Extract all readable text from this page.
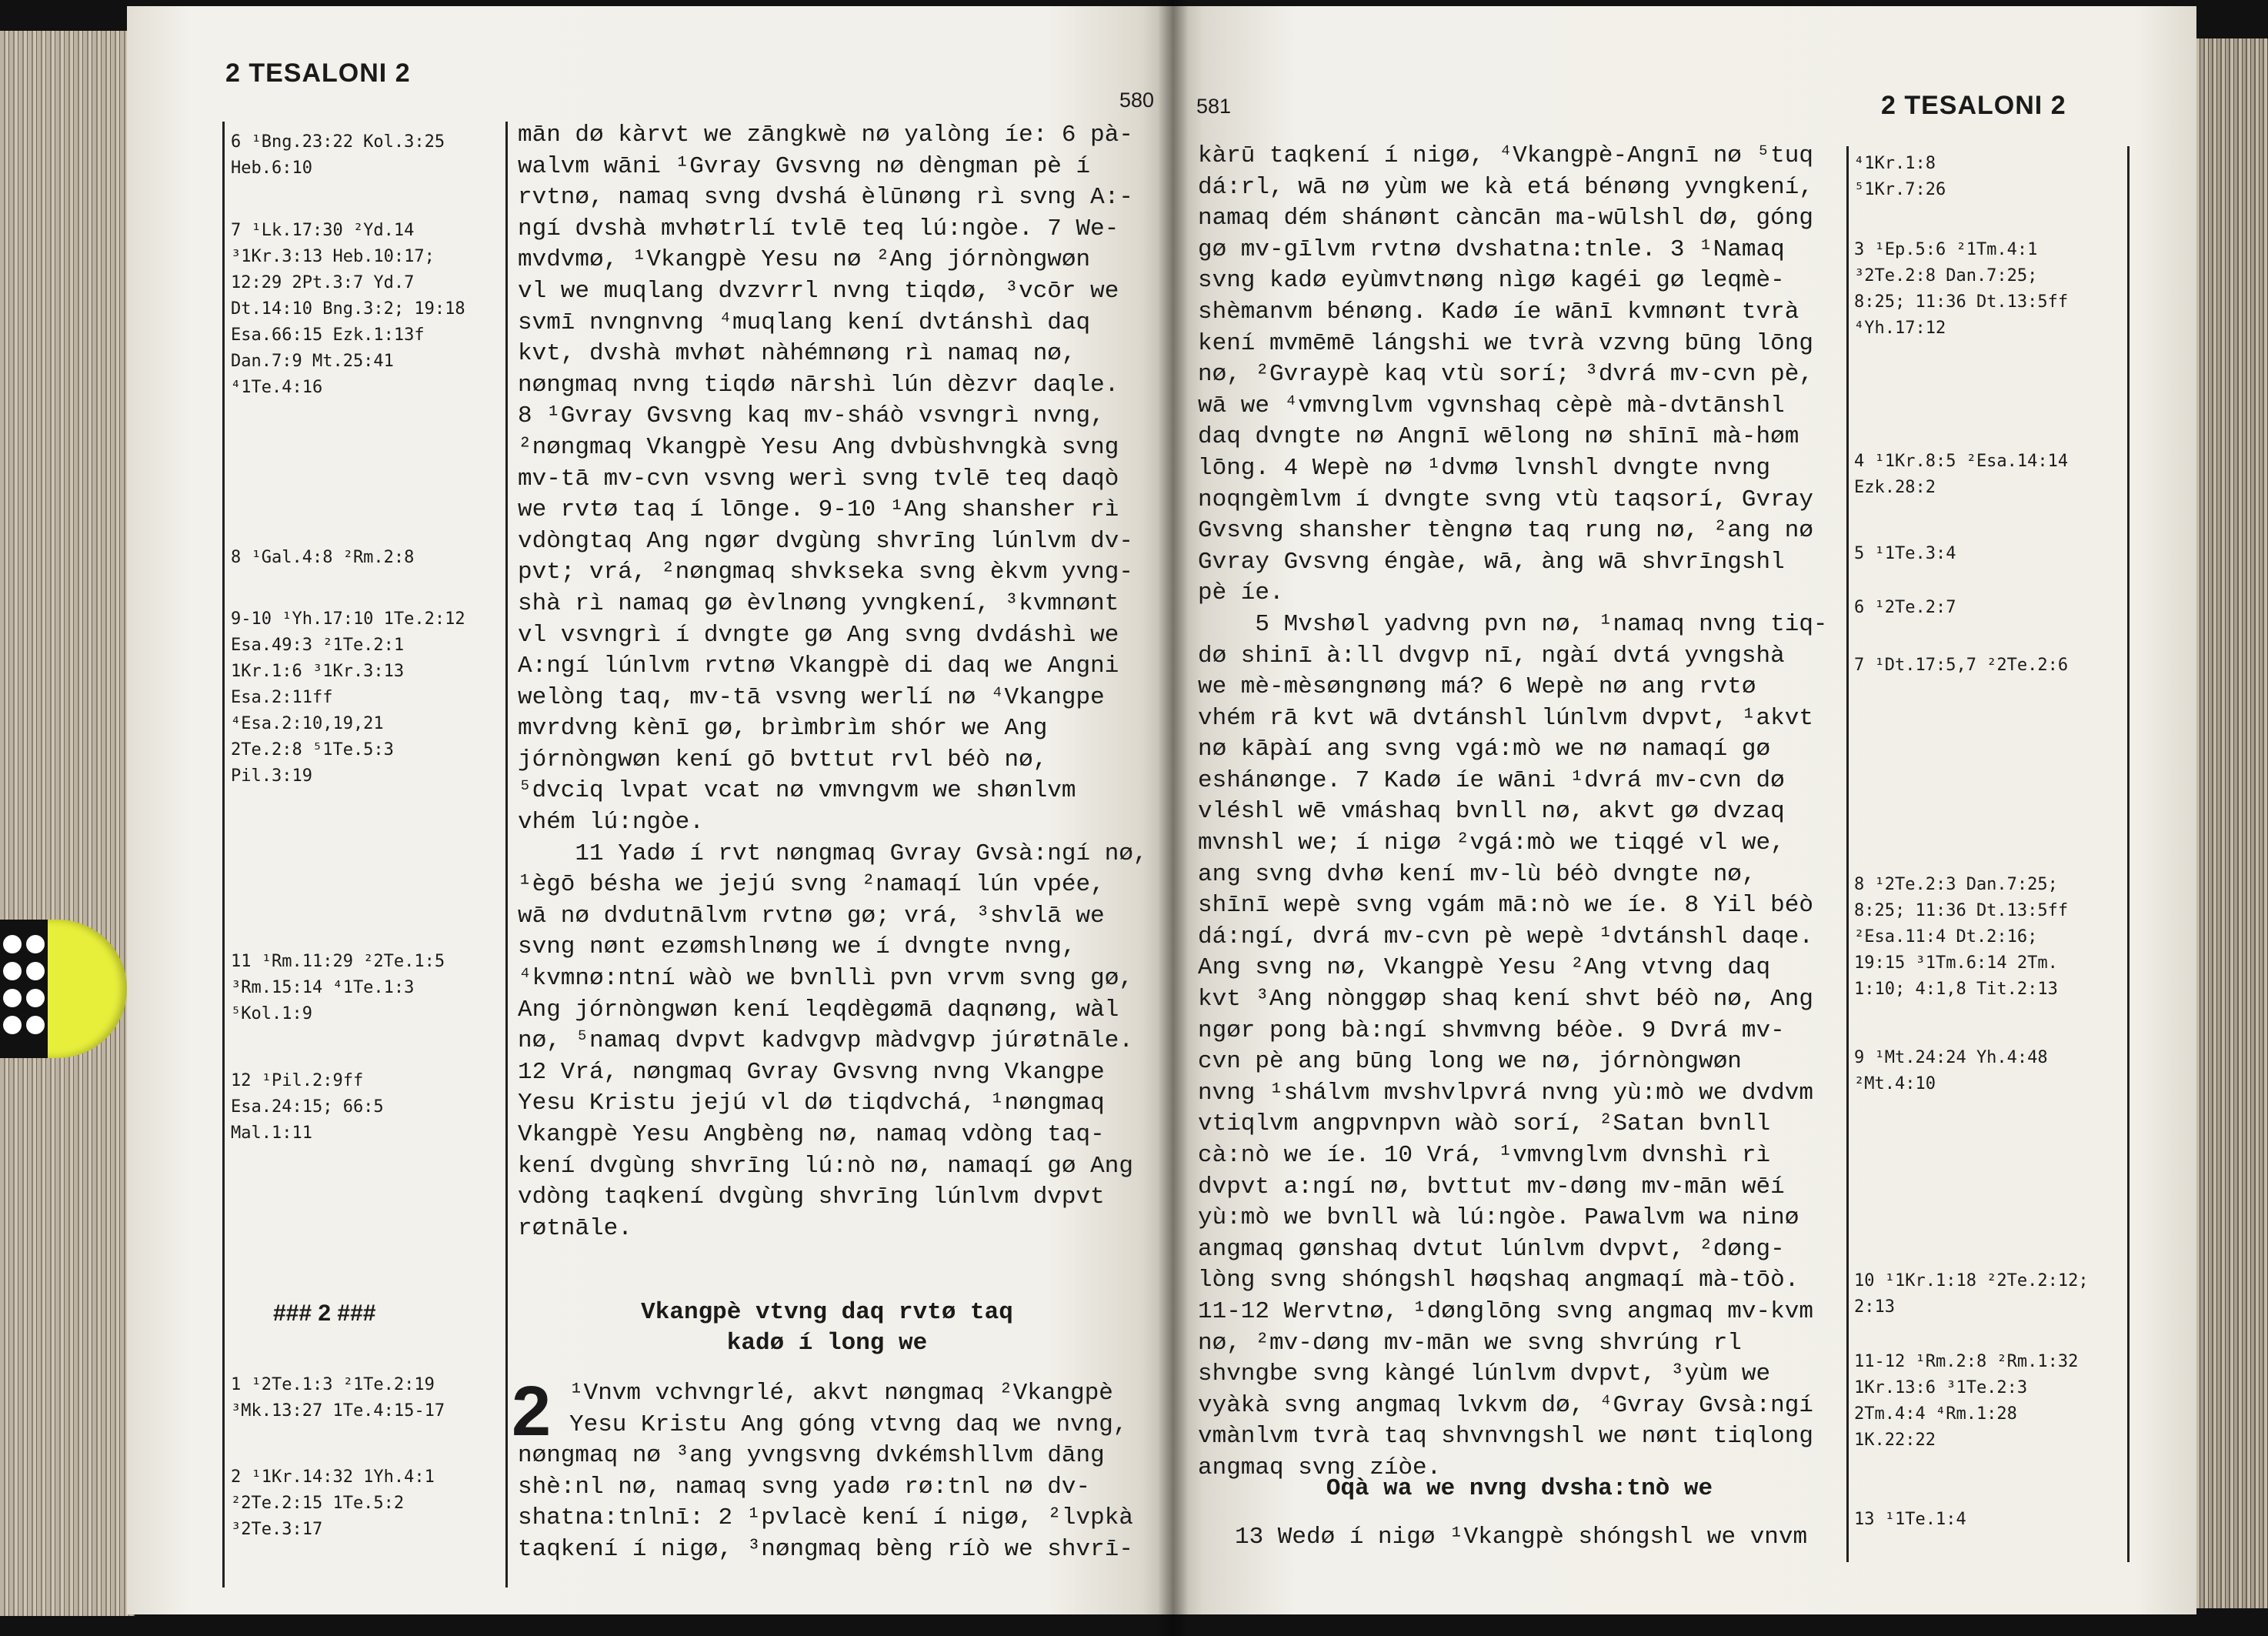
2 TESALONI 2
580
6 ¹Bng.23:22 Kol.3:25
Heb.6:10
7 ¹Lk.17:30 ²Yd.14
³1Kr.3:13 Heb.10:17;
12:29 2Pt.3:7 Yd.7
Dt.14:10 Bng.3:2; 19:18
Esa.66:15 Ezk.1:13f
Dan.7:9 Mt.25:41
⁴1Te.4:16
8 ¹Gal.4:8 ²Rm.2:8
9-10 ¹Yh.17:10 1Te.2:12
Esa.49:3 ²1Te.2:1
1Kr.1:6 ³1Kr.3:13
Esa.2:11ff
⁴Esa.2:10,19,21
2Te.2:8 ⁵1Te.5:3
Pil.3:19
11 ¹Rm.11:29 ²2Te.1:5
³Rm.15:14 ⁴1Te.1:3
⁵Kol.1:9
12 ¹Pil.2:9ff
Esa.24:15; 66:5
Mal.1:11
1 ¹2Te.1:3 ²1Te.2:19
³Mk.13:27 1Te.4:15-17
2 ¹1Kr.14:32 1Yh.4:1
²2Te.2:15 1Te.5:2
³2Te.3:17
### 2 ###

mān dø kàrvt we zāngkwè nø yalòng íe: 6 pà-

walvm wāni ¹Gvray Gvsvng nø dèngman pè í

rvtnø, namaq svng dvshá èlūnøng rì svng A:-

ngí dvshà mvhøtrlí tvlē teq lú:ngòe. 7 We-

mvdvmø, ¹Vkangpè Yesu nø ²Ang jórnòngwøn

vl we muqlang dvzvrrl nvng tiqdø, ³vcōr we

svmī nvngnvng ⁴muqlang kení dvtánshì daq

kvt, dvshà mvhøt nàhémnøng rì namaq nø,

nøngmaq nvng tiqdø nārshì lún dèzvr daqle.

8 ¹Gvray Gvsvng kaq mv-sháò vsvngrì nvng,

²nøngmaq Vkangpè Yesu Ang dvbùshvngkà svng

mv-tā mv-cvn vsvng werì svng tvlē teq daqò

we rvtø taq í lōnge. 9-10 ¹Ang shansher rì

vdòngtaq Ang ngør dvgùng shvrīng lúnlvm dv-

pvt; vrá, ²nøngmaq shvkseka svng èkvm yvng-

shà rì namaq gø èvlnøng yvngkení, ³kvmnønt

vl vsvngrì í dvngte gø Ang svng dvdáshì we

A:ngí lúnlvm rvtnø Vkangpè di daq we Angni

welòng taq, mv-tā vsvng werlí nø ⁴Vkangpe

mvrdvng kènī gø, brìmbrìm shór we Ang

jórnòngwøn kení gō bvttut rvl béò nø,

⁵dvciq lvpat vcat nø vmvngvm we shønlvm

vhém lú:ngòe.

11 Yadø í rvt nøngmaq Gvray Gvsà:ngí nø,

¹ègō bésha we jejú svng ²namaqí lún vpée,

wā nø dvdutnālvm rvtnø gø; vrá, ³shvlā we

svng nønt ezømshlnøng we í dvngte nvng,

⁴kvmnø:ntní wàò we bvnllì pvn vrvm svng gø,

Ang jórnòngwøn kení leqdègømā daqnøng, wàl

nø, ⁵namaq dvpvt kadvgvp màdvgvp júrøtnāle.

12 Vrá, nøngmaq Gvray Gvsvng nvng Vkangpe

Yesu Kristu jejú vl dø tiqdvchá, ¹nøngmaq

Vkangpè Yesu Angbèng nø, namaq vdòng taq-

kení dvgùng shvrīng lú:nò nø, namaqí gø Ang

vdòng taqkení dvgùng shvrīng lúnlvm dvpvt

røtnāle.

Vkangpè vtvng daq rvtø taq
kadø í long we
2 ¹Vnvm vchvngrlé, akvt nøngmaq ²Vkangpè

Yesu Kristu Ang góng vtvng daq we nvng,

nøngmaq nø ³ang yvngsvng dvkémshllvm dāng

shè:nl nø, namaq svng yadø rø:tnl nø dv-

shatna:tnlnī: 2 ¹pvlacè kení í nigø, ²lvpkà

taqkení í nigø, ³nøngmaq bèng ríò we shvrī-

581	2 TESALONI 2

kàrū taqkení í nigø, ⁴Vkangpè-Angnī nø ⁵tuq

dá:rl, wā nø yùm we kà etá bénøng yvngkení,

namaq dém shánønt càncān ma-wūlshl dø, góng

gø mv-gīlvm rvtnø dvshatna:tnle. 3 ¹Namaq

svng kadø eyùmvtnøng nìgø kagéi gø leqmè-

shèmanvm bénøng. Kadø íe wānī kvmnønt tvrà

kení mvmēmē lángshi we tvrà vzvng būng lōng

nø, ²Gvraypè kaq vtù sorí; ³dvrá mv-cvn pè,

wā we ⁴vmvnglvm vgvnshaq cèpè mà-dvtānshl

daq dvngte nø Angnī wēlong nø shīnī mà-høm

lōng. 4 Wepè nø ¹dvmø lvnshl dvngte nvng

noqngèmlvm í dvngte svng vtù taqsorí, Gvray

Gvsvng shansher tèngnø taq rung nø, ²ang nø

Gvray Gvsvng éngàe, wā, àng wā shvrīngshl

pè íe.

5 Mvshøl yadvng pvn nø, ¹namaq nvng tiq-

dø shinī à:ll dvgvp nī, ngàí dvtá yvngshà

we mè-mèsøngnøng má? 6 Wepè nø ang rvtø

vhém rā kvt wā dvtánshl lúnlvm dvpvt, ¹akvt

nø kāpàí ang svng vgá:mò we nø namaqí gø

eshánønge. 7 Kadø íe wāni ¹dvrá mv-cvn dø

vléshl wē vmáshaq bvnll nø, akvt gø dvzaq

mvnshl we; í nigø ²vgá:mò we tiqgé vl we,

ang svng dvhø kení mv-lù béò dvngte nø,

shīnī wepè svng vgám mā:nò we íe. 8 Yil béò

dá:ngí, dvrá mv-cvn pè wepè ¹dvtánshl daqe.

Ang svng nø, Vkangpè Yesu ²Ang vtvng daq

kvt ³Ang nònggøp shaq kení shvt béò nø, Ang

ngør pong bà:ngí shvmvng béòe. 9 Dvrá mv-

cvn pè ang būng long we nø, jórnòngwøn

nvng ¹shálvm mvshvlpvrá nvng yù:mò we dvdvm

vtiqlvm angpvnpvn wàò sorí, ²Satan bvnll

cà:nò we íe. 10 Vrá, ¹vmvnglvm dvnshì rì

dvpvt a:ngí nø, bvttut mv-døng mv-mān wēí

yù:mò we bvnll wà lú:ngòe. Pawalvm wa ninø

angmaq gønshaq dvtut lúnlvm dvpvt, ²døng-

lòng svng shóngshl høqshaq angmaqí mà-tōò.

11-12 Wervtnø, ¹dønglōng svng angmaq mv-kvm

nø, ²mv-døng mv-mān we svng shvrúng rl

shvngbe svng kàngé lúnlvm dvpvt, ³yùm we

vyàkà svng angmaq lvkvm dø, ⁴Gvray Gvsà:ngí

vmànlvm tvrà taq shvnvngshl we nønt tiqlong

angmaq svng zíòe.

Oqà wa we nvng dvsha:tnò we

13 Wedø í nigø ¹Vkangpè shóngshl we vnvm

⁴1Kr.1:8
⁵1Kr.7:26
3 ¹Ep.5:6 ²1Tm.4:1
³2Te.2:8 Dan.7:25;
8:25; 11:36 Dt.13:5ff
⁴Yh.17:12
4 ¹1Kr.8:5 ²Esa.14:14
Ezk.28:2
5 ¹1Te.3:4
6 ¹2Te.2:7
7 ¹Dt.17:5,7 ²2Te.2:6
8 ¹2Te.2:3 Dan.7:25;
8:25; 11:36 Dt.13:5ff
²Esa.11:4 Dt.2:16;
19:15 ³1Tm.6:14 2Tm.
1:10; 4:1,8 Tit.2:13
9 ¹Mt.24:24 Yh.4:48
²Mt.4:10
10 ¹1Kr.1:18 ²2Te.2:12;
2:13
11-12 ¹Rm.2:8 ²Rm.1:32
1Kr.13:6 ³1Te.2:3
2Tm.4:4 ⁴Rm.1:28
1K.22:22
13 ¹1Te.1:4
